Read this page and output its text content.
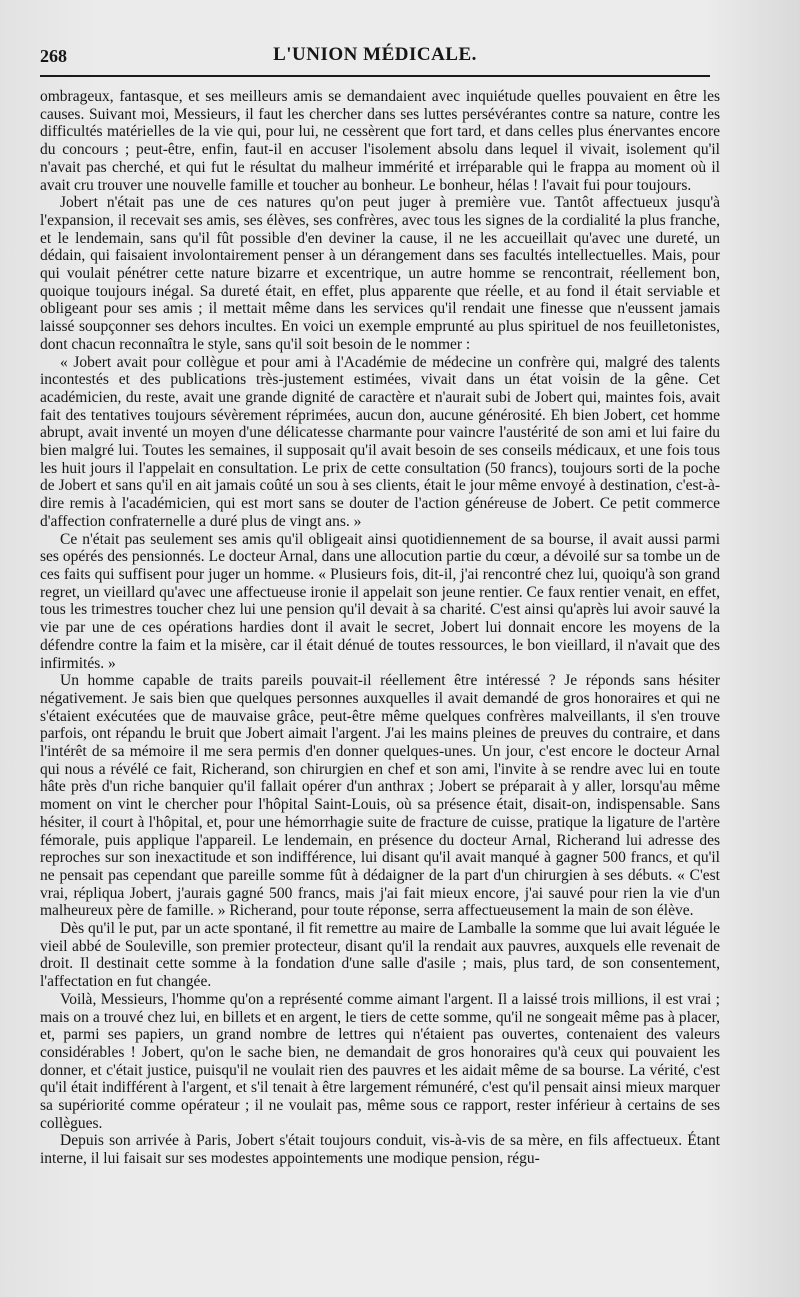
268	L'UNION MÉDICALE.

ombrageux, fantasque, et ses meilleurs amis se demandaient avec inquiétude quelles pouvaient en être les causes. Suivant moi, Messieurs, il faut les chercher dans ses luttes persévérantes contre sa nature, contre les difficultés matérielles de la vie qui, pour lui, ne cessèrent que fort tard, et dans celles plus énervantes encore du concours ; peut-être, enfin, faut-il en accuser l'isolement absolu dans lequel il vivait, isolement qu'il n'avait pas cherché, et qui fut le résultat du malheur immérité et irréparable qui le frappa au moment où il avait cru trouver une nouvelle famille et toucher au bonheur. Le bonheur, hélas ! l'avait fui pour toujours.

Jobert n'était pas une de ces natures qu'on peut juger à première vue. Tantôt affectueux jusqu'à l'expansion, il recevait ses amis, ses élèves, ses confrères, avec tous les signes de la cordialité la plus franche, et le lendemain, sans qu'il fût possible d'en deviner la cause, il ne les accueillait qu'avec une dureté, un dédain, qui faisaient involontairement penser à un dérangement dans ses facultés intellectuelles. Mais, pour qui voulait pénétrer cette nature bizarre et excentrique, un autre homme se rencontrait, réellement bon, quoique toujours inégal. Sa dureté était, en effet, plus apparente que réelle, et au fond il était serviable et obligeant pour ses amis ; il mettait même dans les services qu'il rendait une finesse que n'eussent jamais laissé soupçonner ses dehors incultes. En voici un exemple emprunté au plus spirituel de nos feuilletonistes, dont chacun reconnaîtra le style, sans qu'il soit besoin de le nommer :

« Jobert avait pour collègue et pour ami à l'Académie de médecine un confrère qui, malgré des talents incontestés et des publications très-justement estimées, vivait dans un état voisin de la gêne. Cet académicien, du reste, avait une grande dignité de caractère et n'aurait subi de Jobert qui, maintes fois, avait fait des tentatives toujours sévèrement réprimées, aucun don, aucune générosité. Eh bien Jobert, cet homme abrupt, avait inventé un moyen d'une délicatesse charmante pour vaincre l'austérité de son ami et lui faire du bien malgré lui. Toutes les semaines, il supposait qu'il avait besoin de ses conseils médicaux, et une fois tous les huit jours il l'appelait en consultation. Le prix de cette consultation (50 francs), toujours sorti de la poche de Jobert et sans qu'il en ait jamais coûté un sou à ses clients, était le jour même envoyé à destination, c'est-à-dire remis à l'académicien, qui est mort sans se douter de l'action généreuse de Jobert. Ce petit commerce d'affection confraternelle a duré plus de vingt ans. »

Ce n'était pas seulement ses amis qu'il obligeait ainsi quotidiennement de sa bourse, il avait aussi parmi ses opérés des pensionnés. Le docteur Arnal, dans une allocution partie du cœur, a dévoilé sur sa tombe un de ces faits qui suffisent pour juger un homme. « Plusieurs fois, dit-il, j'ai rencontré chez lui, quoiqu'à son grand regret, un vieillard qu'avec une affectueuse ironie il appelait son jeune rentier. Ce faux rentier venait, en effet, tous les trimestres toucher chez lui une pension qu'il devait à sa charité. C'est ainsi qu'après lui avoir sauvé la vie par une de ces opérations hardies dont il avait le secret, Jobert lui donnait encore les moyens de la défendre contre la faim et la misère, car il était dénué de toutes ressources, le bon vieillard, il n'avait que des infirmités. »

Un homme capable de traits pareils pouvait-il réellement être intéressé ? Je réponds sans hésiter négativement. Je sais bien que quelques personnes auxquelles il avait demandé de gros honoraires et qui ne s'étaient exécutées que de mauvaise grâce, peut-être même quelques confrères malveillants, il s'en trouve parfois, ont répandu le bruit que Jobert aimait l'argent. J'ai les mains pleines de preuves du contraire, et dans l'intérêt de sa mémoire il me sera permis d'en donner quelques-unes. Un jour, c'est encore le docteur Arnal qui nous a révélé ce fait, Richerand, son chirurgien en chef et son ami, l'invite à se rendre avec lui en toute hâte près d'un riche banquier qu'il fallait opérer d'un anthrax ; Jobert se préparait à y aller, lorsqu'au même moment on vint le chercher pour l'hôpital Saint-Louis, où sa présence était, disait-on, indispensable. Sans hésiter, il court à l'hôpital, et, pour une hémorrhagie suite de fracture de cuisse, pratique la ligature de l'artère fémorale, puis applique l'appareil. Le lendemain, en présence du docteur Arnal, Richerand lui adresse des reproches sur son inexactitude et son indifférence, lui disant qu'il avait manqué à gagner 500 francs, et qu'il ne pensait pas cependant que pareille somme fût à dédaigner de la part d'un chirurgien à ses débuts. « C'est vrai, répliqua Jobert, j'aurais gagné 500 francs, mais j'ai fait mieux encore, j'ai sauvé pour rien la vie d'un malheureux père de famille. » Richerand, pour toute réponse, serra affectueusement la main de son élève.

Dès qu'il le put, par un acte spontané, il fit remettre au maire de Lamballe la somme que lui avait léguée le vieil abbé de Souleville, son premier protecteur, disant qu'il la rendait aux pauvres, auxquels elle revenait de droit. Il destinait cette somme à la fondation d'une salle d'asile ; mais, plus tard, de son consentement, l'affectation en fut changée.

Voilà, Messieurs, l'homme qu'on a représenté comme aimant l'argent. Il a laissé trois millions, il est vrai ; mais on a trouvé chez lui, en billets et en argent, le tiers de cette somme, qu'il ne songeait même pas à placer, et, parmi ses papiers, un grand nombre de lettres qui n'étaient pas ouvertes, contenaient des valeurs considérables ! Jobert, qu'on le sache bien, ne demandait de gros honoraires qu'à ceux qui pouvaient les donner, et c'était justice, puisqu'il ne voulait rien des pauvres et les aidait même de sa bourse. La vérité, c'est qu'il était indifférent à l'argent, et s'il tenait à être largement rémunéré, c'est qu'il pensait ainsi mieux marquer sa supériorité comme opérateur ; il ne voulait pas, même sous ce rapport, rester inférieur à certains de ses collègues.

Depuis son arrivée à Paris, Jobert s'était toujours conduit, vis-à-vis de sa mère, en fils affectueux. Étant interne, il lui faisait sur ses modestes appointements une modique pension, régu-
